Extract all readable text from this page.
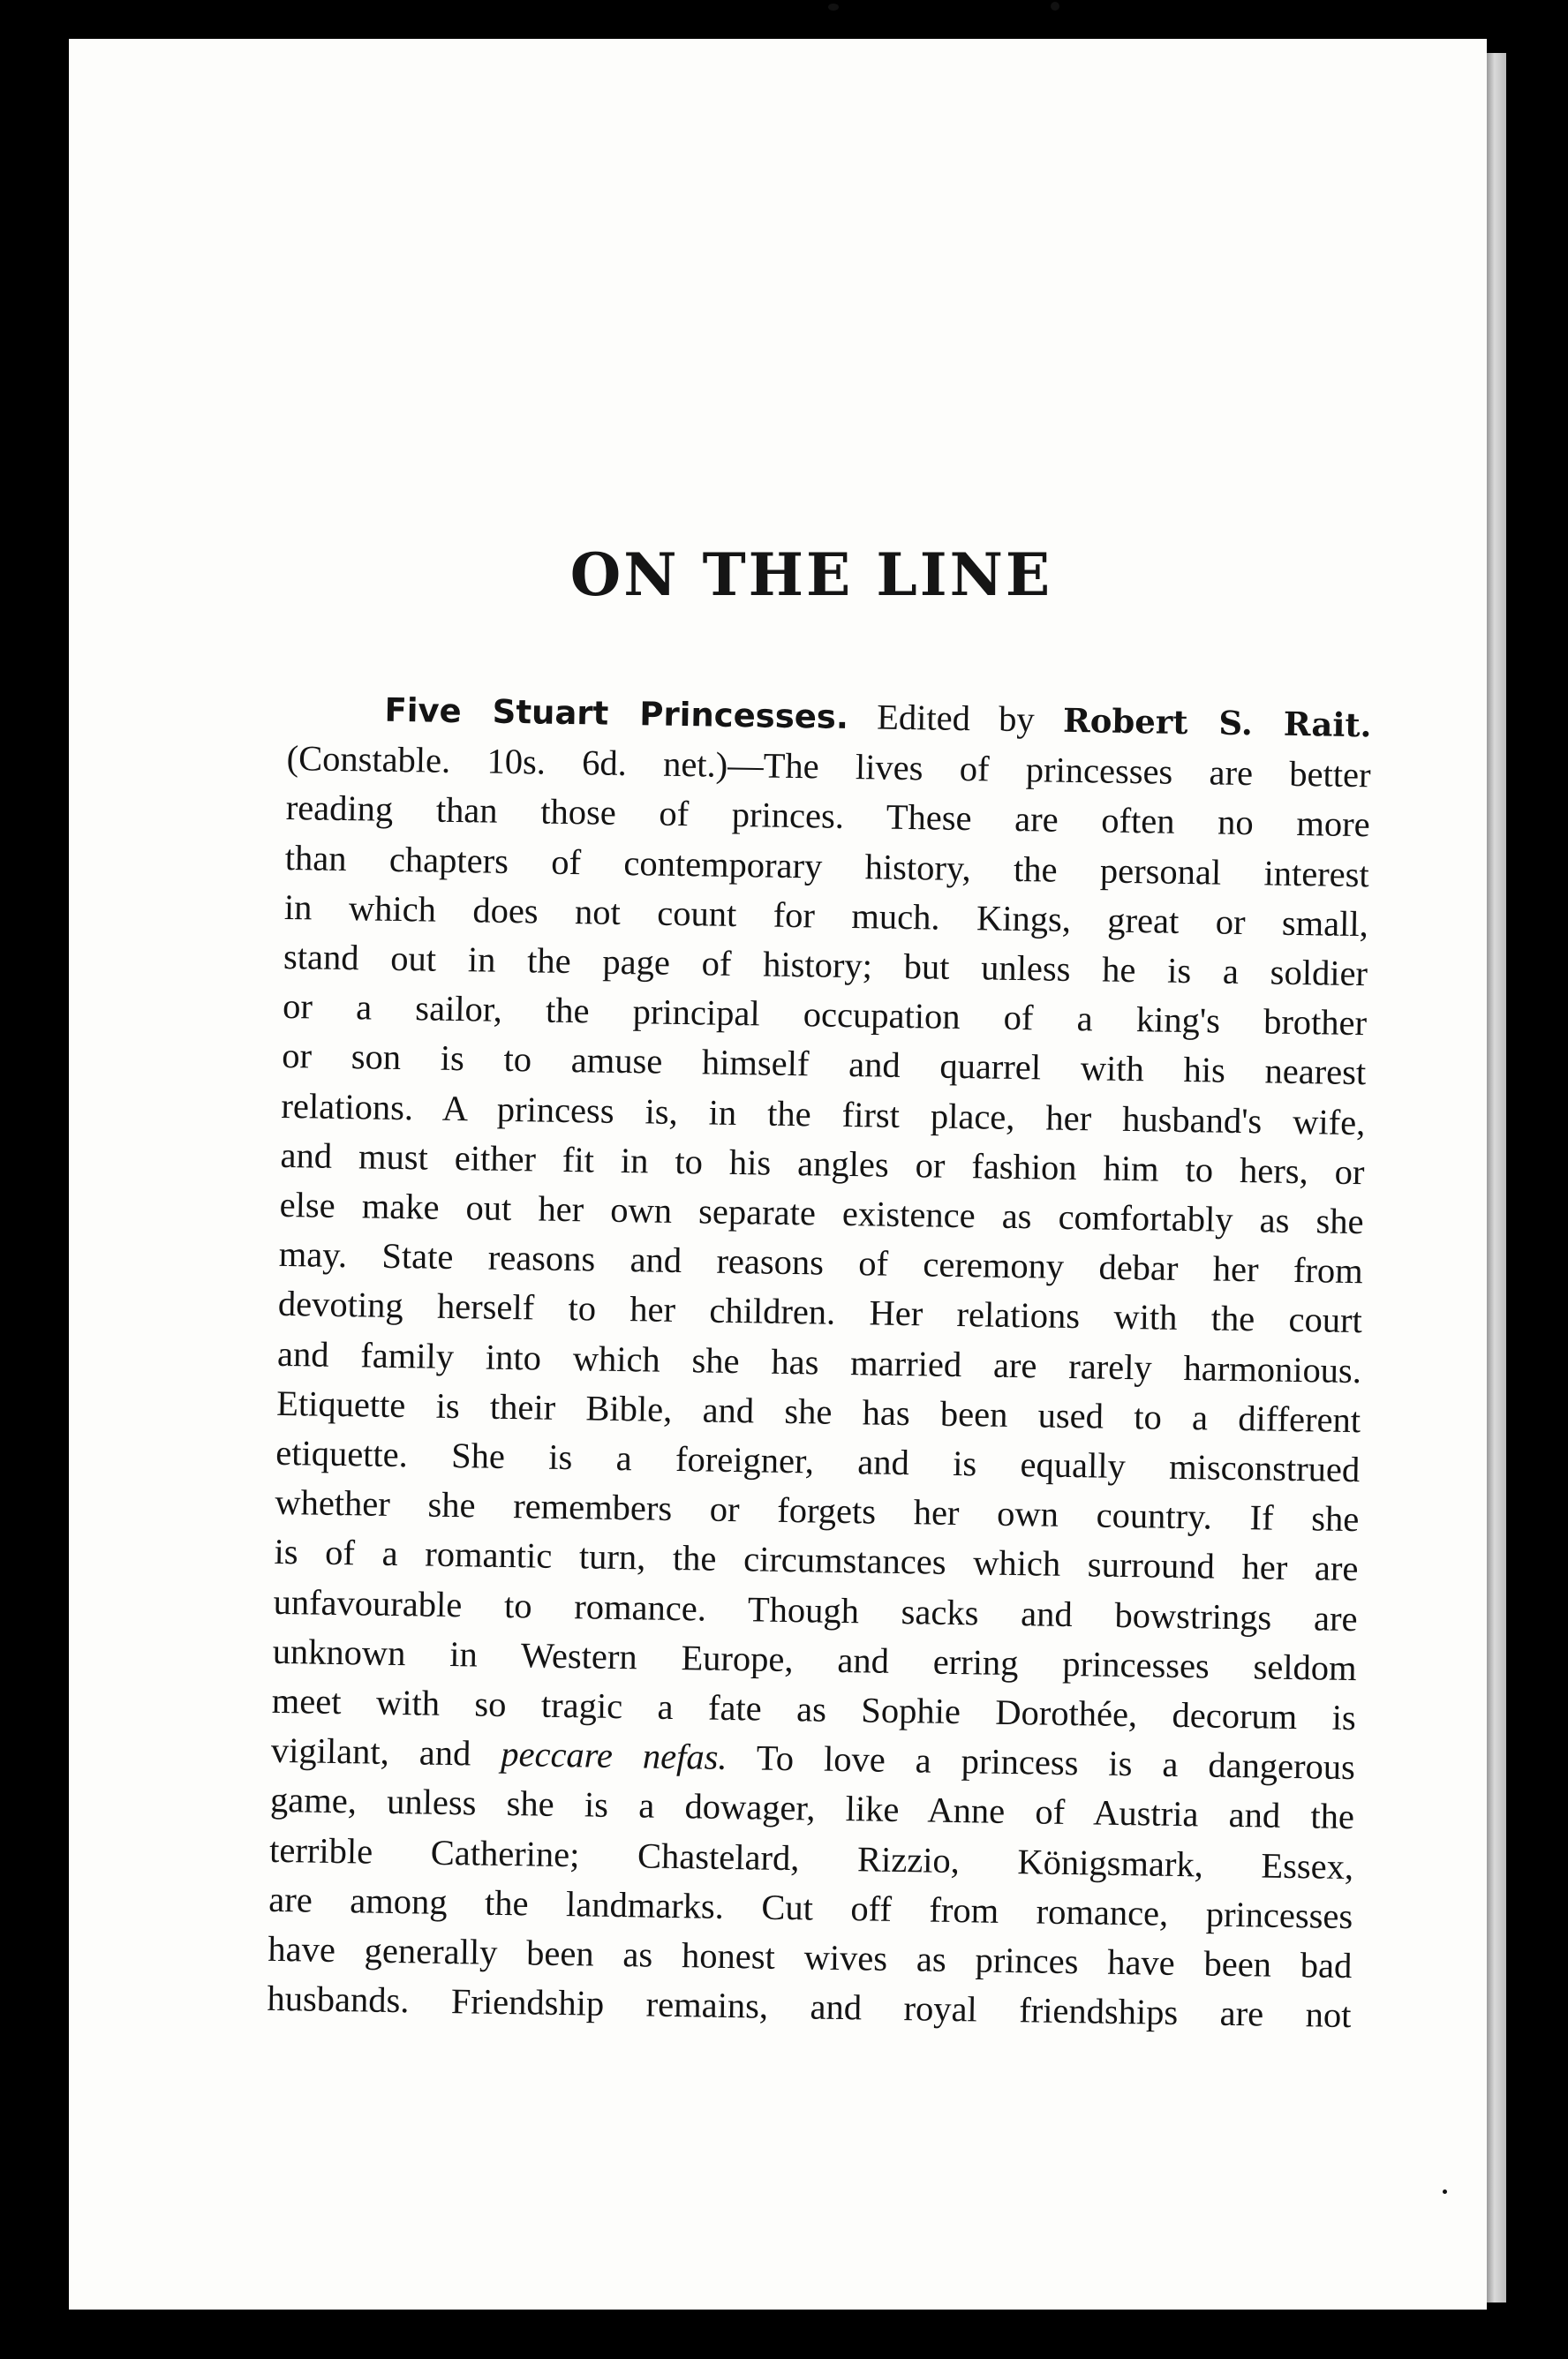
ON THE LINE
Five Stuart Princesses. Edited by Robert S. Rait.
(Constable. 10s. 6d. net.)—The lives of princesses are better
reading than those of princes. These are often no more
than chapters of contemporary history, the personal interest
in which does not count for much. Kings, great or small,
stand out in the page of history; but unless he is a soldier
or a sailor, the principal occupation of a king's brother
or son is to amuse himself and quarrel with his nearest
relations. A princess is, in the first place, her husband's wife,
and must either fit in to his angles or fashion him to hers, or
else make out her own separate existence as comfortably as she
may. State reasons and reasons of ceremony debar her from
devoting herself to her children. Her relations with the court
and family into which she has married are rarely harmonious.
Etiquette is their Bible, and she has been used to a different
etiquette. She is a foreigner, and is equally misconstrued
whether she remembers or forgets her own country. If she
is of a romantic turn, the circumstances which surround her are
unfavourable to romance. Though sacks and bowstrings are
unknown in Western Europe, and erring princesses seldom
meet with so tragic a fate as Sophie Dorothée, decorum is
vigilant, and peccare nefas. To love a princess is a dangerous
game, unless she is a dowager, like Anne of Austria and the
terrible Catherine; Chastelard, Rizzio, Königsmark, Essex,
are among the landmarks. Cut off from romance, princesses
have generally been as honest wives as princes have been bad
husbands. Friendship remains, and royal friendships are not
